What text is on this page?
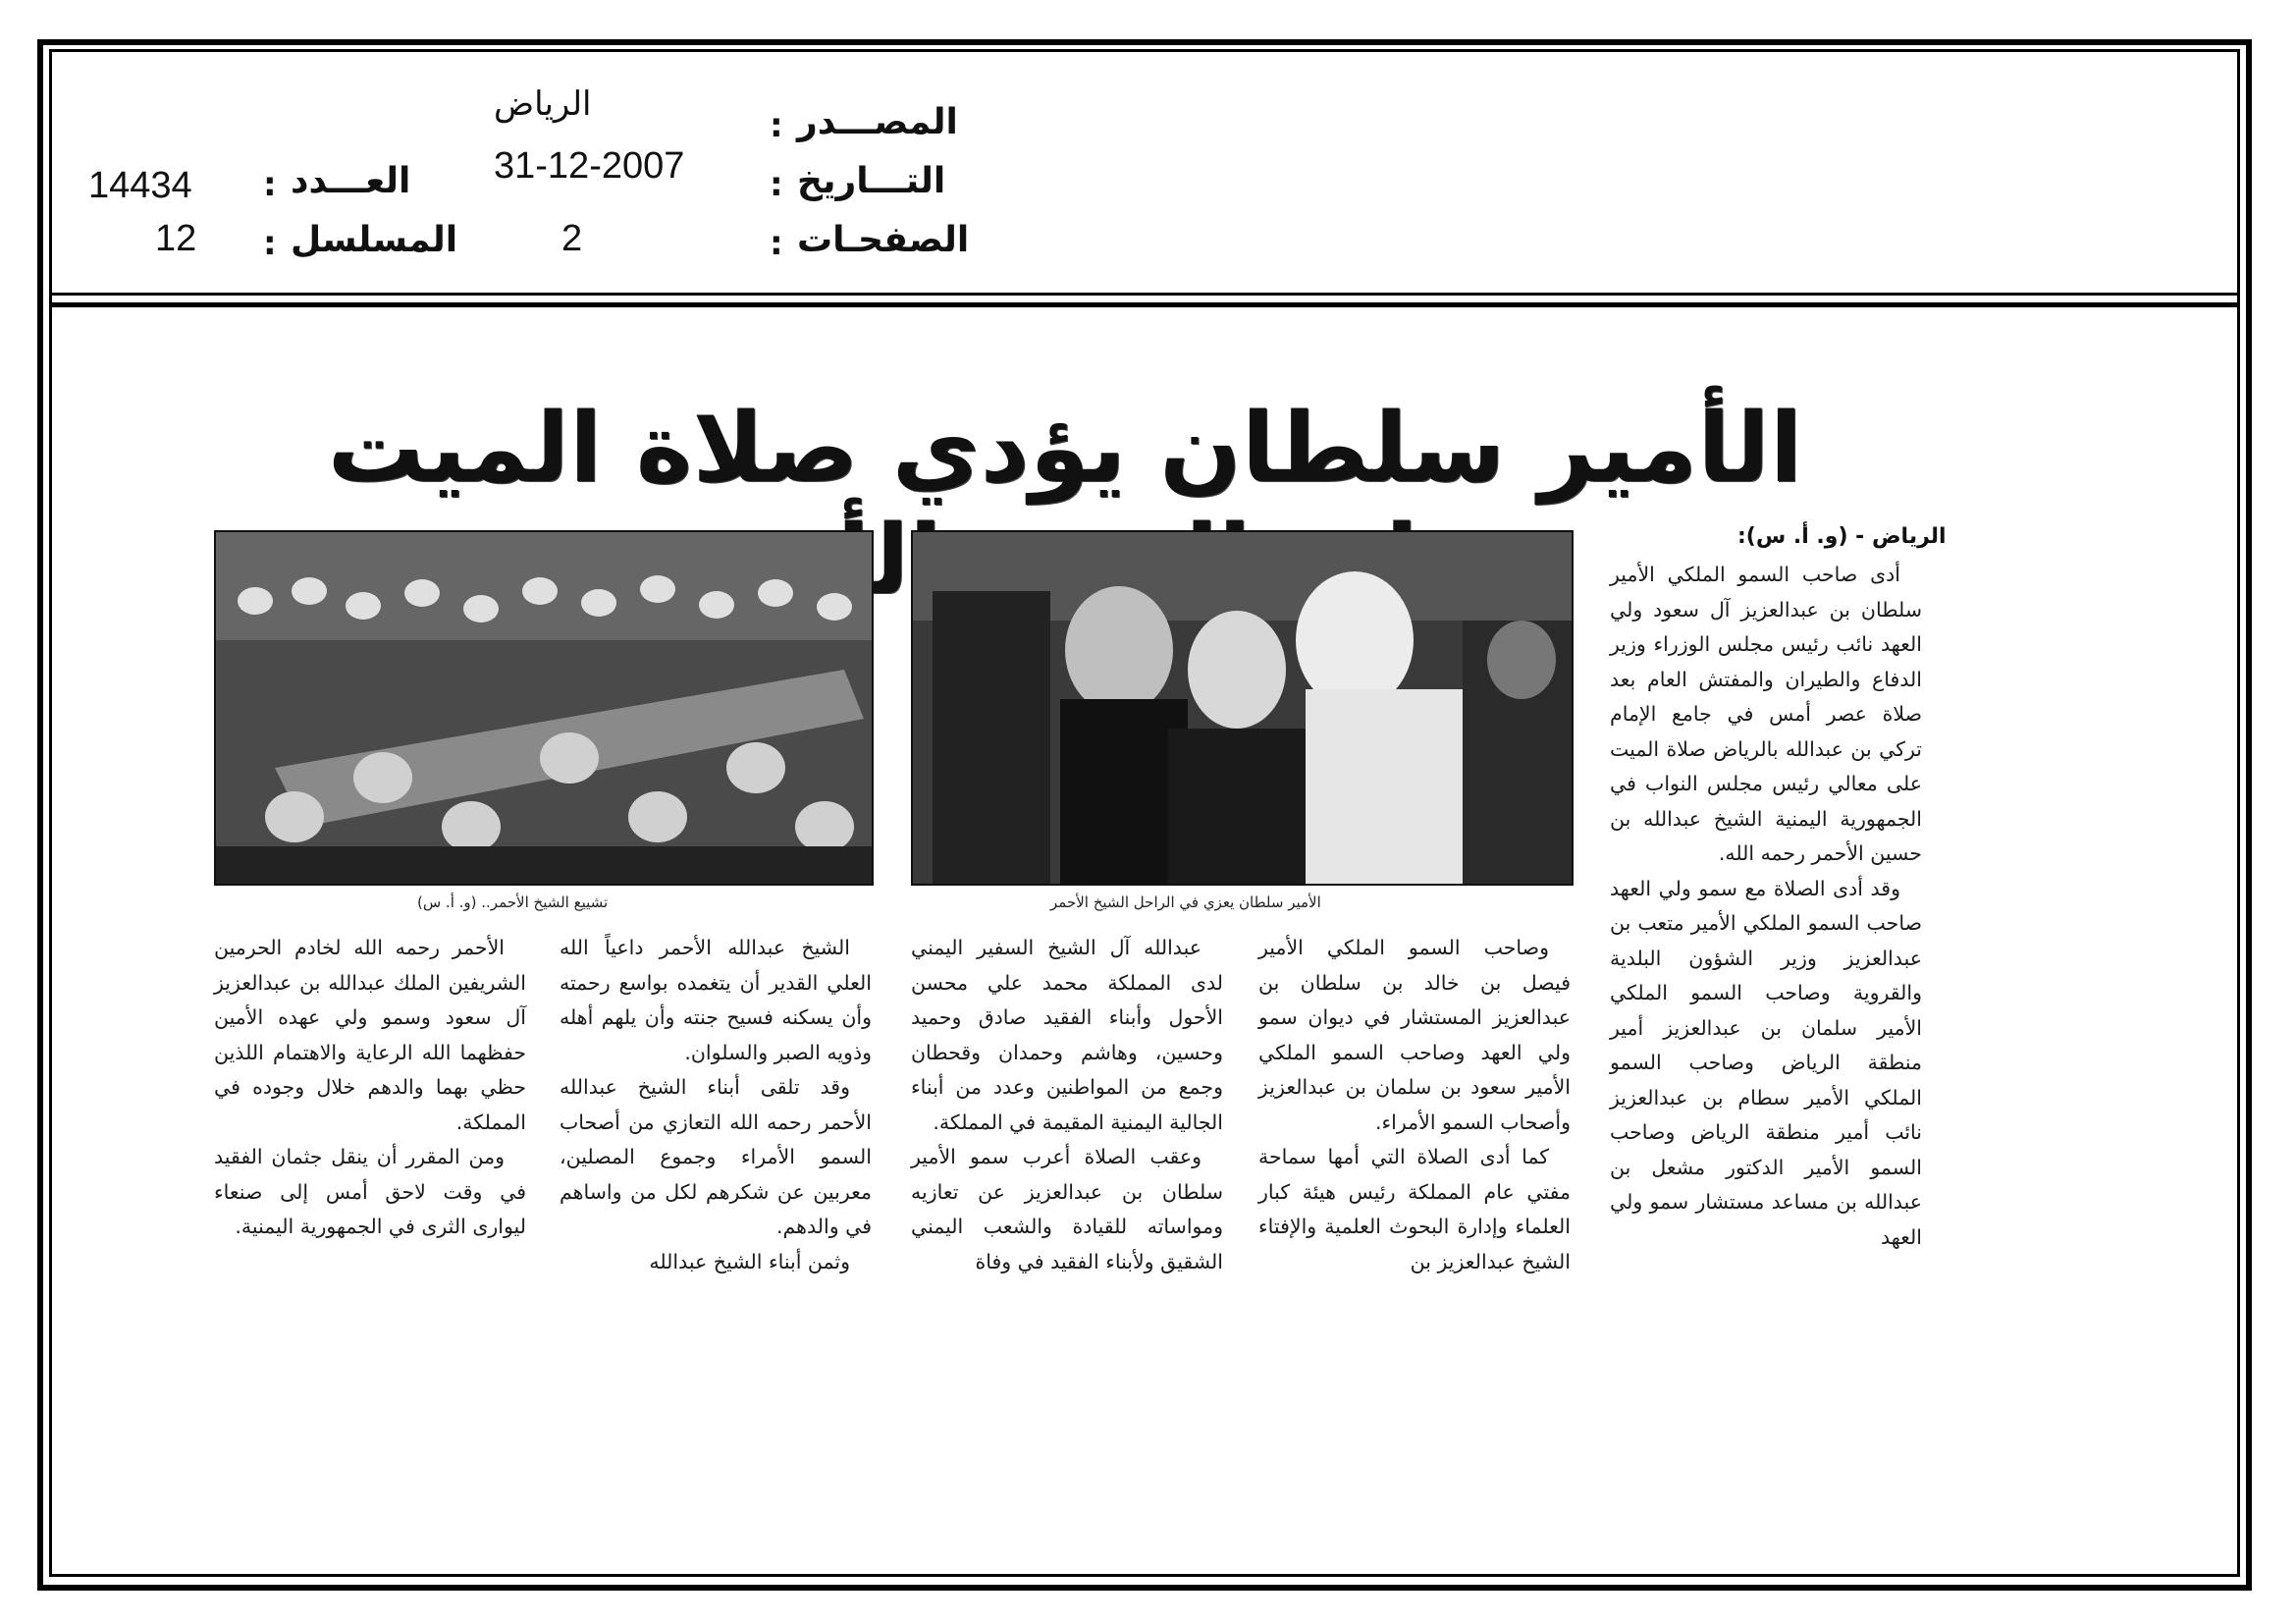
الرياض
31-12-2007
2
:
:
:
المصـــدر
التـــاريخ
الصفحـات
14434
12
:
:
العـــدد
المسلسل
الأمير سلطان يؤدي صلاة الميت
الرياض - (و. أ. س):
الأمير سلطان يعزي في الراحل الشيخ الأحمر
تشييع الشيخ الأحمر.. (و. أ. س)

أدى صاحب السمو الملكي الأمير سلطان بن عبدالعزيز آل سعود ولي العهد نائب رئيس مجلس الوزراء وزير الدفاع والطيران والمفتش العام بعد صلاة عصر أمس في جامع الإمام تركي بن عبدالله بالرياض صلاة الميت على معالي رئيس مجلس النواب في الجمهورية اليمنية الشيخ عبدالله بن حسين الأحمر رحمه الله.

وقد أدى الصلاة مع سمو ولي العهد صاحب السمو الملكي الأمير متعب بن عبدالعزيز وزير الشؤون البلدية والقروية وصاحب السمو الملكي الأمير سلمان بن عبدالعزيز أمير منطقة الرياض وصاحب السمو الملكي الأمير سطام بن عبدالعزيز نائب أمير منطقة الرياض وصاحب السمو الأمير الدكتور مشعل بن عبدالله بن مساعد مستشار سمو ولي العهد

وصاحب السمو الملكي الأمير فيصل بن خالد بن سلطان بن عبدالعزيز المستشار في ديوان سمو ولي العهد وصاحب السمو الملكي الأمير سعود بن سلمان بن عبدالعزيز وأصحاب السمو الأمراء.

كما أدى الصلاة التي أمها سماحة مفتي عام المملكة رئيس هيئة كبار العلماء وإدارة البحوث العلمية والإفتاء الشيخ عبدالعزيز بن

عبدالله آل الشيخ السفير اليمني لدى المملكة محمد علي محسن الأحول وأبناء الفقيد صادق وحميد وحسين، وهاشم وحمدان وقحطان وجمع من المواطنين وعدد من أبناء الجالية اليمنية المقيمة في المملكة.

وعقب الصلاة أعرب سمو الأمير سلطان بن عبدالعزيز عن تعازيه ومواساته للقيادة والشعب اليمني الشقيق ولأبناء الفقيد في وفاة

الشيخ عبدالله الأحمر داعياً الله العلي القدير أن يتغمده بواسع رحمته وأن يسكنه فسيح جنته وأن يلهم أهله وذويه الصبر والسلوان.

وقد تلقى أبناء الشيخ عبدالله الأحمر رحمه الله التعازي من أصحاب السمو الأمراء وجموع المصلين، معربين عن شكرهم لكل من واساهم في والدهم.

وثمن أبناء الشيخ عبدالله

الأحمر رحمه الله لخادم الحرمين الشريفين الملك عبدالله بن عبدالعزيز آل سعود وسمو ولي عهده الأمين حفظهما الله الرعاية والاهتمام اللذين حظي بهما والدهم خلال وجوده في المملكة.

ومن المقرر أن ينقل جثمان الفقيد في وقت لاحق أمس إلى صنعاء ليوارى الثرى في الجمهورية اليمنية.
